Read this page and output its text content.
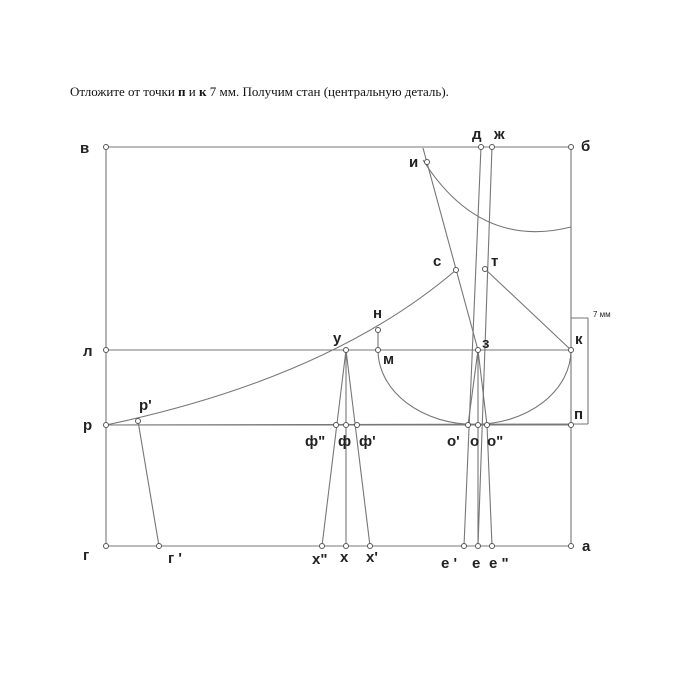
Отложите от точки п и к 7 мм. Получим стан (центральную деталь).
в	б
д ж
и
с	т
н
у
м
з	к
7 мм
л
п
р'
р
ф" ф ф'	о' о о"
г	г '	х" х х'	е ' е е "
а
